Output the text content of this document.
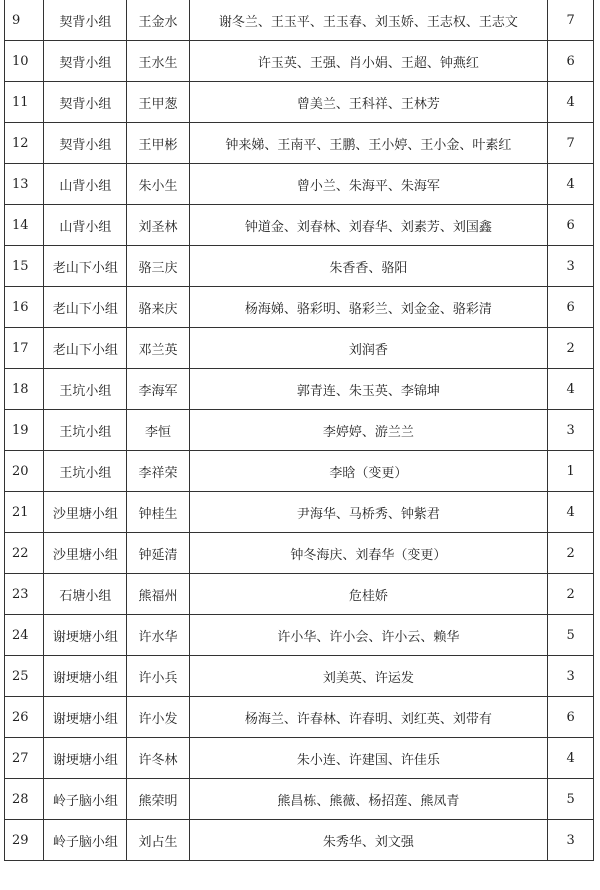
9	契背小组	王金水	谢冬兰、王玉平、王玉春、刘玉娇、王志权、王志文	7
10	契背小组	王水生	许玉英、王强、肖小娟、王超、钟燕红	6
11	契背小组	王甲葱	曾美兰、王科祥、王林芳	4
12	契背小组	王甲彬	钟来娣、王南平、王鹏、王小婷、王小金、叶素红	7
13	山背小组	朱小生	曾小兰、朱海平、朱海军	4
14	山背小组	刘圣林	钟道金、刘春林、刘春华、刘素芳、刘国鑫	6
15	老山下小组	骆三庆	朱香香、骆阳	3
16	老山下小组	骆来庆	杨海娣、骆彩明、骆彩兰、刘金金、骆彩清	6
17	老山下小组	邓兰英	刘润香	2
18	王坑小组	李海军	郭青连、朱玉英、李锦坤	4
19	王坑小组	李恒	李婷婷、游兰兰	3
20	王坑小组	李祥荣	李晗（变更）	1
21	沙里塘小组	钟桂生	尹海华、马桥秀、钟紫君	4
22	沙里塘小组	钟延清	钟冬海庆、刘春华（变更）	2
23	石塘小组	熊福州	危桂娇	2
24	谢埂塘小组	许水华	许小华、许小会、许小云、赖华	5
25	谢埂塘小组	许小兵	刘美英、许运发	3
26	谢埂塘小组	许小发	杨海兰、许春林、许春明、刘红英、刘带有	6
27	谢埂塘小组	许冬林	朱小连、许建国、许佳乐	4
28	岭子脑小组	熊荣明	熊昌栋、熊薇、杨招莲、熊凤青	5
29	岭子脑小组	刘占生	朱秀华、刘文强	3
